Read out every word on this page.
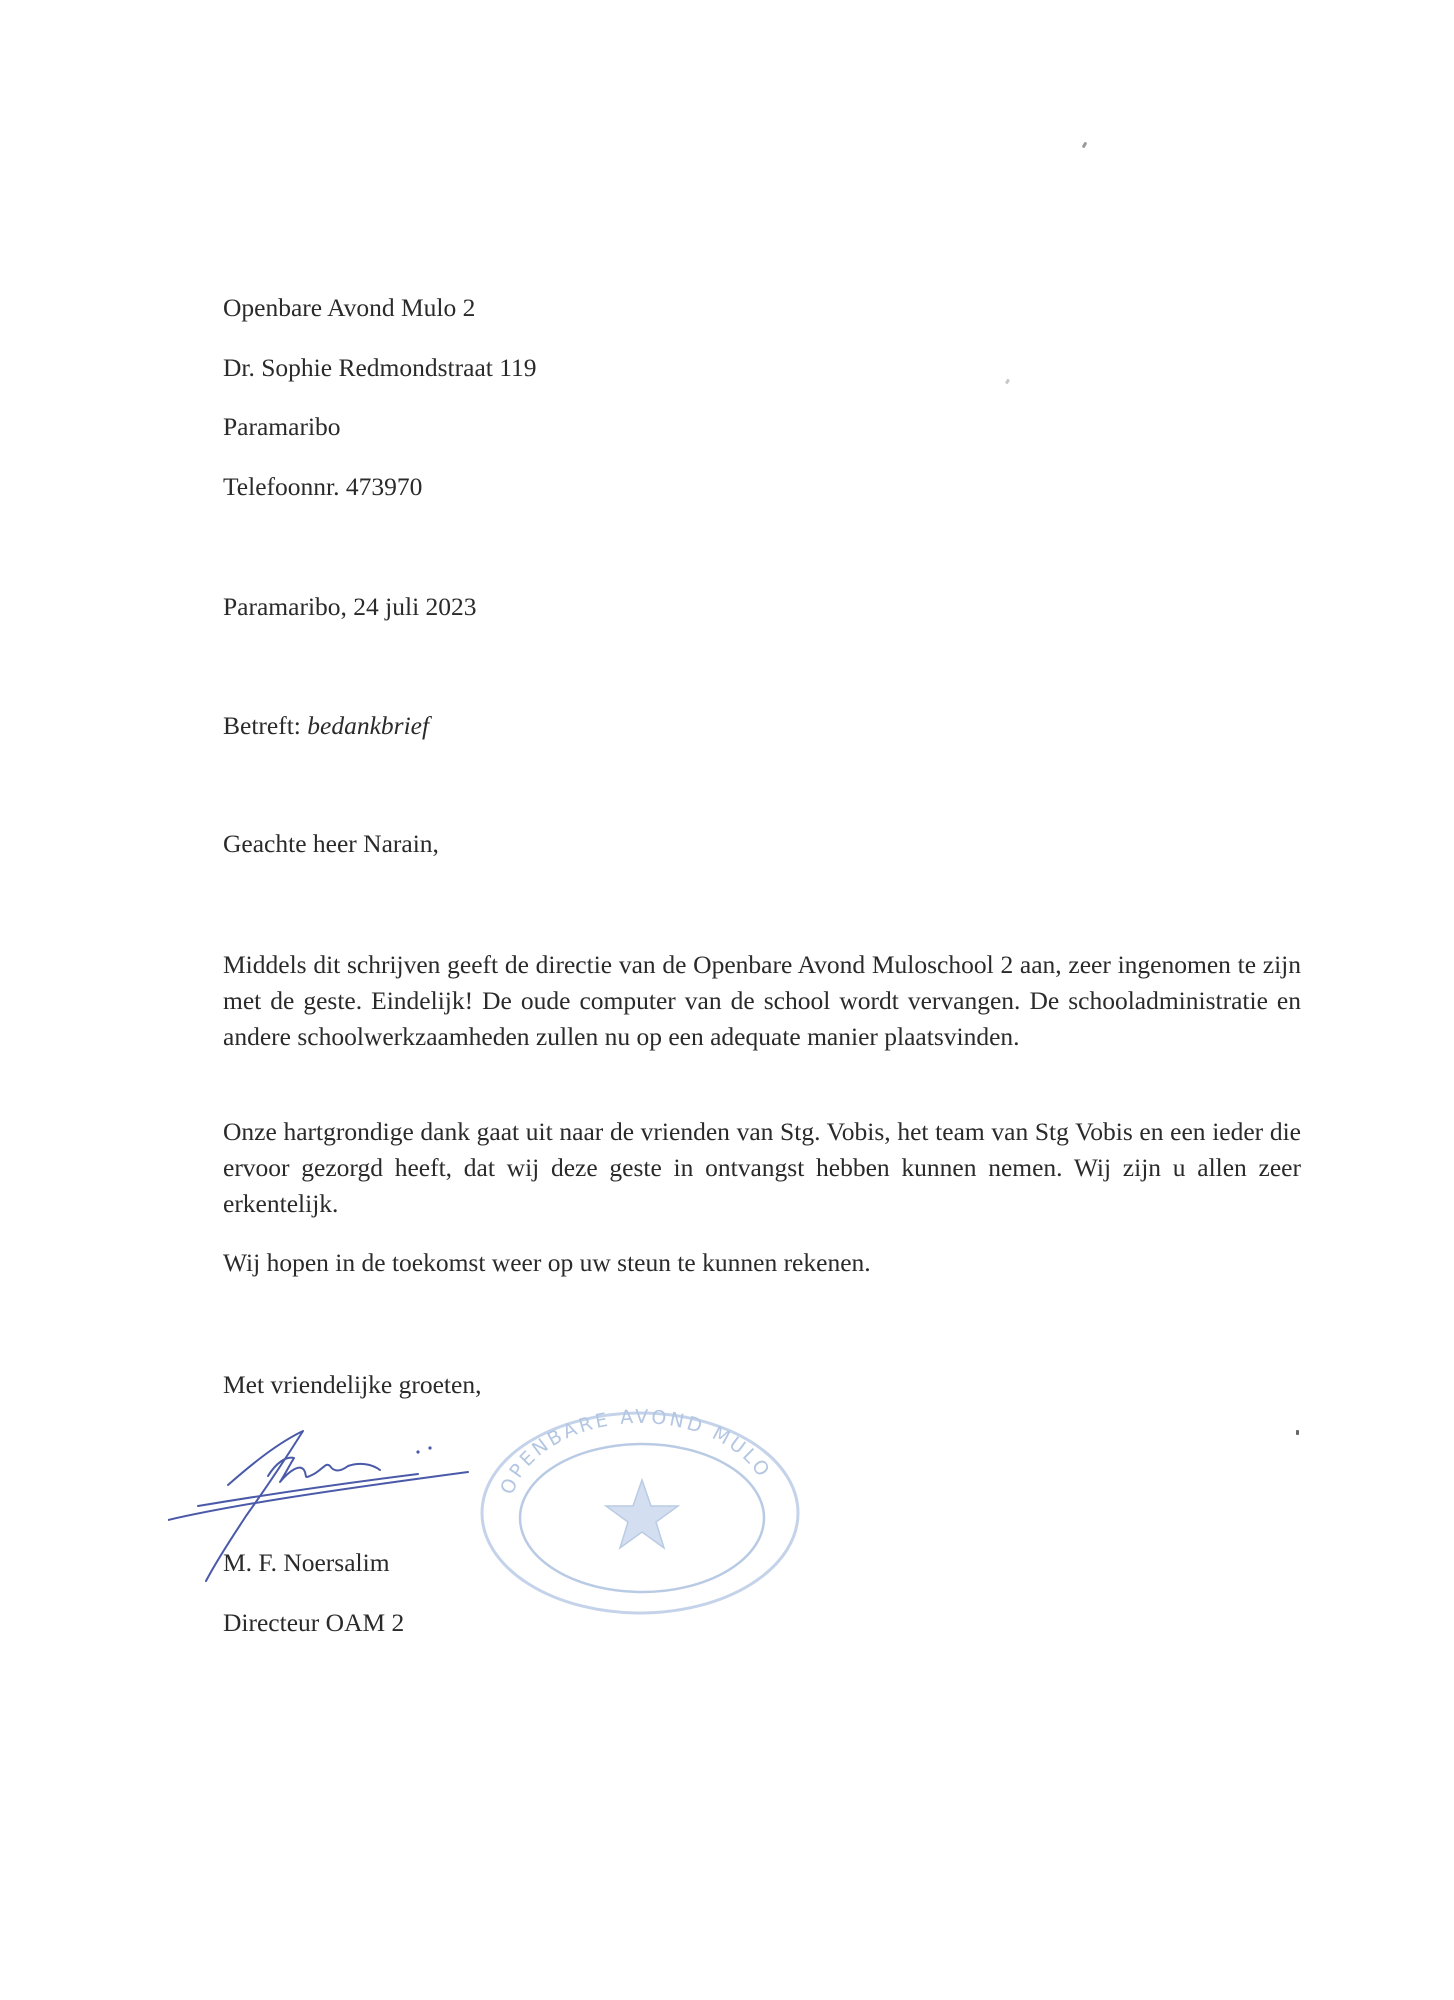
Openbare Avond Mulo 2
Dr. Sophie Redmondstraat 119
Paramaribo
Telefoonnr. 473970
Paramaribo, 24 juli 2023
Betreft: bedankbrief
Geachte heer Narain,

Middels dit schrijven geeft de directie van de Openbare Avond Muloschool 2 aan, zeer ingenomen te zijn met de geste. Eindelijk! De oude computer van de school wordt vervangen. De schooladministratie en andere schoolwerkzaamheden zullen nu op een adequate manier plaatsvinden.

Onze hartgrondige dank gaat uit naar de vrienden van Stg. Vobis, het team van Stg Vobis en een ieder die ervoor gezorgd heeft, dat wij deze geste in ontvangst hebben kunnen nemen. Wij zijn u allen zeer erkentelijk.

Wij hopen in de toekomst weer op uw steun te kunnen rekenen.

Met vriendelijke groeten,
OPENBARE AVOND MULO
M. F. Noersalim
Directeur OAM 2
